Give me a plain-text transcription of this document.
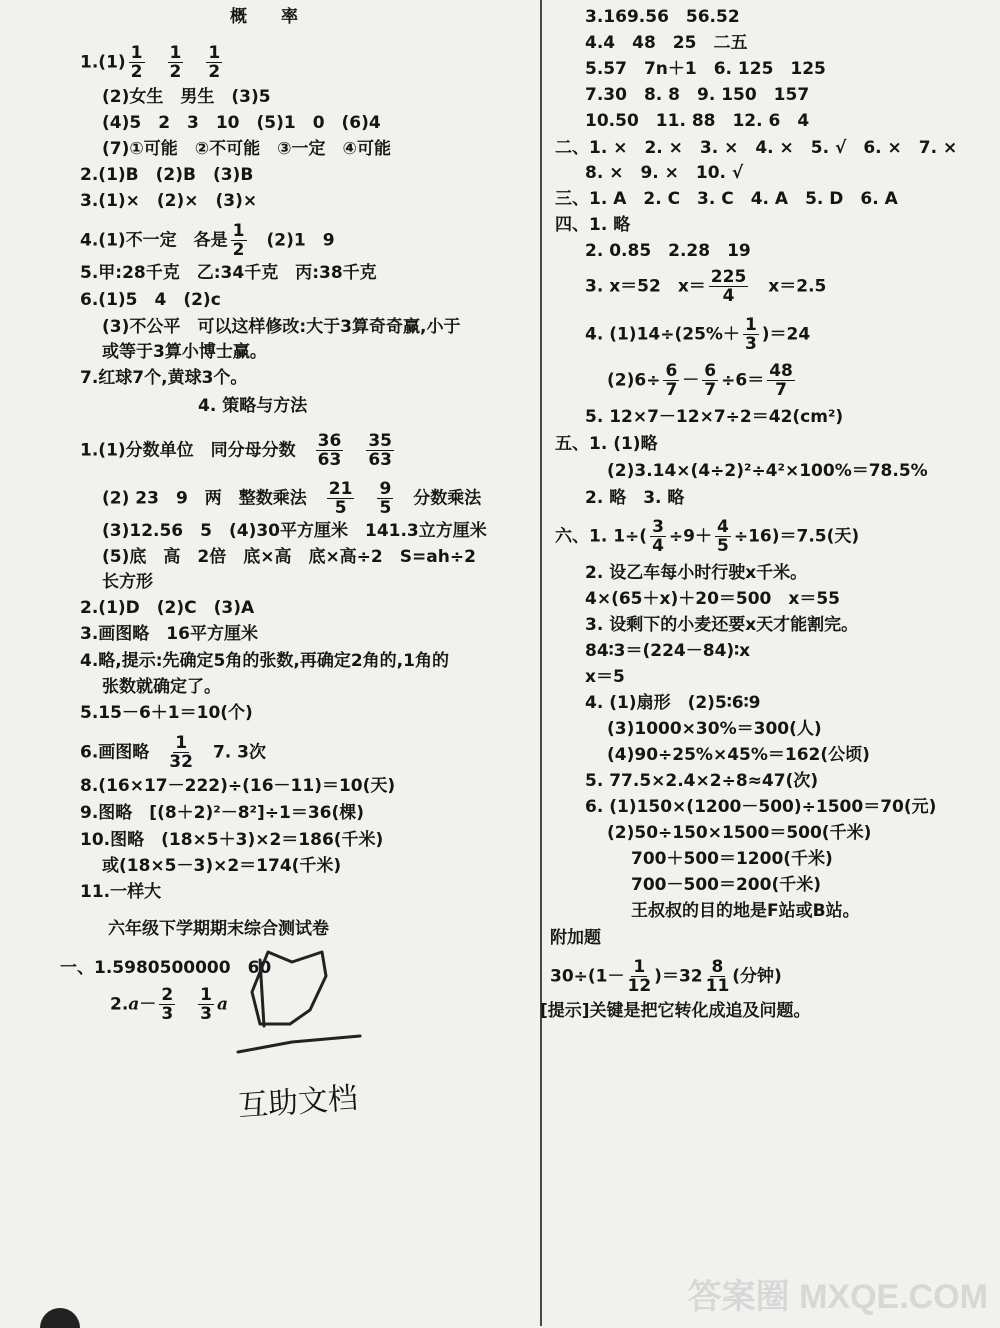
概　　率
$1.(1) \frac{1}{2}$
　 $\frac{1}{2}$
　 $\frac{1}{2}$
(2)女生　男生　(3)5
(4)5　2　3　10　(5)1　0　(6)4
(7)①可能　②不可能　③一定　④可能
2.(1)B　(2)B　(3)B
3.(1)×　(2)×　(3)×
4.(1)不一定　各是 $\frac{1}{2}$
　 (2)1　9
5.甲:28千克　乙:34千克　丙:38千克
6.(1)5　4　(2)c
(3)不公平　可以这样修改:大于3算奇奇赢,小于
或等于3算小博士赢。
7.红球7个,黄球3个。
4. 策略与方法
1.(1)分数单位　同分母分数　 $\frac{36}{63}$
　 $\frac{35}{63}$
(2) 23　9　两　整数乘法　 $\frac{21}{5}$
　 $\frac{9}{5}$
　 分数乘法
(3)12.56　5　(4)30平方厘米　141.3立方厘米
(5)底　高　2倍　底×高　底×高÷2　S=ah÷2
长方形
2.(1)D　(2)C　(3)A
3.画图略　16平方厘米
4.略,提示:先确定5角的张数,再确定2角的,1角的
张数就确定了。
5.15－6＋1＝10(个)
6.画图略　 $\frac{1}{32}$
　 7. 3次
8.(16×17－222)÷(16－11)＝10(天)
9.图略　[(8＋2)²－8²]÷1＝36(棵)
10.图略　(18×5＋3)×2＝186(千米)
或(18×5－3)×2＝174(千米)
11.一样大
六年级下学期期末综合测试卷
一、1.5980500000　60
$2.a- \frac{2}{3}$
　 $\frac{1}{3}$ a
互助文档
3.169.56　56.52
4.4　48　25　二五
5.57　7n＋1　6. 125　125
7.30　8. 8　9. 150　157
10.50　11. 88　12. 6　4
二、1. ×　2. ×　3. ×　4. ×　5. √　6. ×　7. ×
8. ×　9. ×　10. √
三、1. A　2. C　3. C　4. A　5. D　6. A
四、1. 略
2. 0.85　2.28　19
3. x＝52　$x= \frac{225}{4}$
　 x＝2.5
4. $(1)14\div(25\%+ \frac{1}{3} )=24$
$(2)6\div \frac{6}{7} - \frac{6}{7} \div 6= \frac{48}{7}$
5. 12×7－12×7÷2＝42(cm²)
五、1. (1)略
(2)3.14×(4÷2)²÷4²×100%＝78.5%
2. 略　3. 略
六、1. $1\div( \frac{3}{4} \div 9+ \frac{4}{5} \div 16)=7.5$(天)
2. 设乙车每小时行驶x千米。
4×(65＋x)＋20＝500　x＝55
3. 设剩下的小麦还要x天才能割完。
84∶3＝(224－84)∶x
x＝5
4. (1)扇形　(2)5∶6∶9
(3)1000×30%＝300(人)
(4)90÷25%×45%＝162(公顷)
5. 77.5×2.4×2÷8≈47(次)
6. (1)150×(1200－500)÷1500＝70(元)
(2)50÷150×1500＝500(千米)
700＋500＝1200(千米)
700－500＝200(千米)
王叔叔的目的地是F站或B站。
附加题
$30\div(1- \frac{1}{12} )=32 \frac{8}{11}$ (分钟)
[提示]关键是把它转化成追及问题。
答案圈 MXQE.COM
